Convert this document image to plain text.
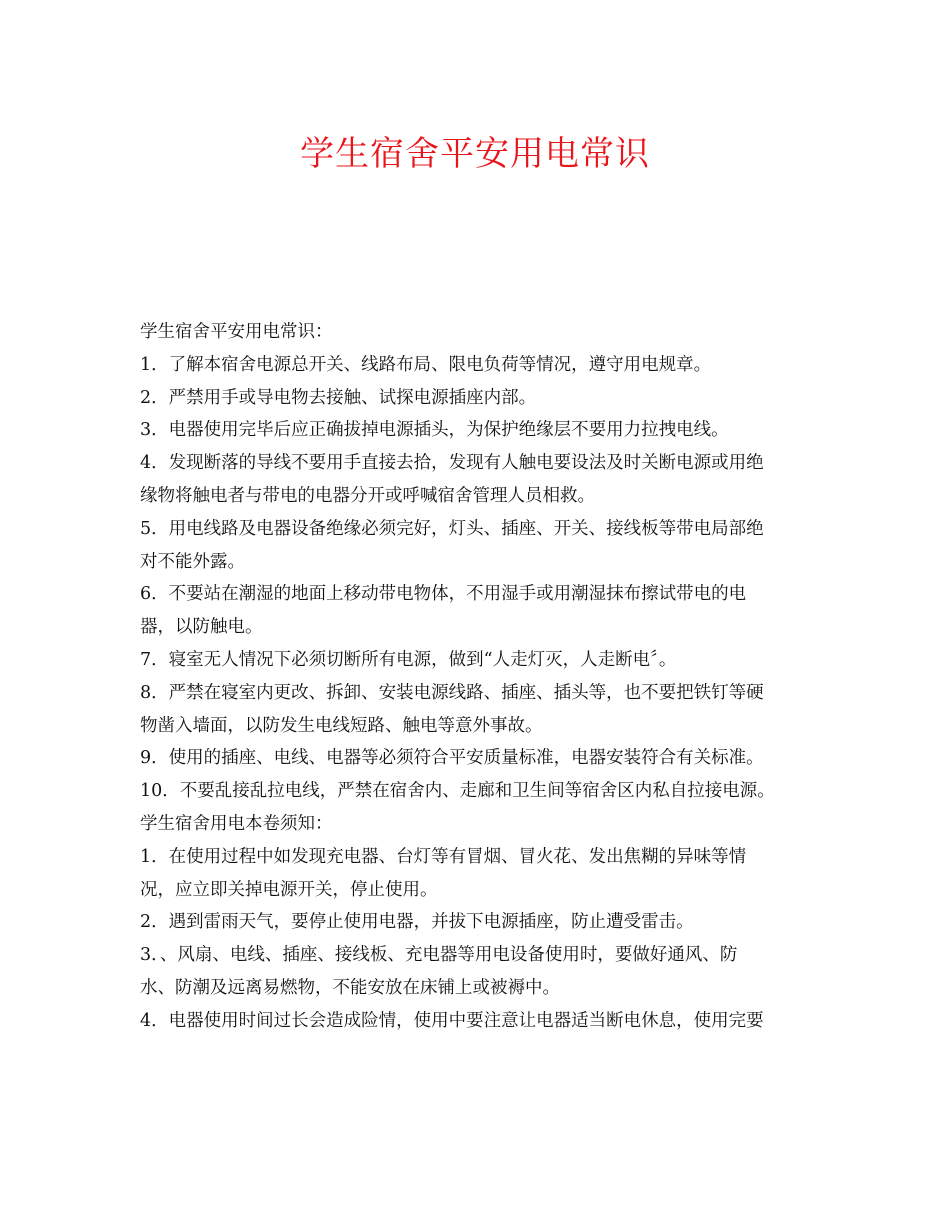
学生宿舍平安用电常识
学生宿舍平安用电常识：
1．了解本宿舍电源总开关、线路布局、限电负荷等情况，遵守用电规章。
2．严禁用手或导电物去接触、试探电源插座内部。
3．电器使用完毕后应正确拔掉电源插头，为保护绝缘层不要用力拉拽电线。
4．发现断落的导线不要用手直接去拾，发现有人触电要设法及时关断电源或用绝
缘物将触电者与带电的电器分开或呼喊宿舍管理人员相救。
5．用电线路及电器设备绝缘必须完好，灯头、插座、开关、接线板等带电局部绝
对不能外露。
6．不要站在潮湿的地面上移动带电物体，不用湿手或用潮湿抹布擦试带电的电
器，以防触电。
7．寝室无人情况下必须切断所有电源，做到“人走灯灭，人走断电〞。
8．严禁在寝室内更改、拆卸、安装电源线路、插座、插头等，也不要把铁钉等硬
物凿入墙面，以防发生电线短路、触电等意外事故。
9．使用的插座、电线、电器等必须符合平安质量标准，电器安装符合有关标准。
10．不要乱接乱拉电线，严禁在宿舍内、走廊和卫生间等宿舍区内私自拉接电源。
学生宿舍用电本卷须知：
1．在使用过程中如发现充电器、台灯等有冒烟、冒火花、发出焦糊的异味等情
况，应立即关掉电源开关，停止使用。
2．遇到雷雨天气，要停止使用电器，并拔下电源插座，防止遭受雷击。
3．、风扇、电线、插座、接线板、充电器等用电设备使用时，要做好通风、防
水、防潮及远离易燃物，不能安放在床铺上或被褥中。
4．电器使用时间过长会造成险情，使用中要注意让电器适当断电休息，使用完要
